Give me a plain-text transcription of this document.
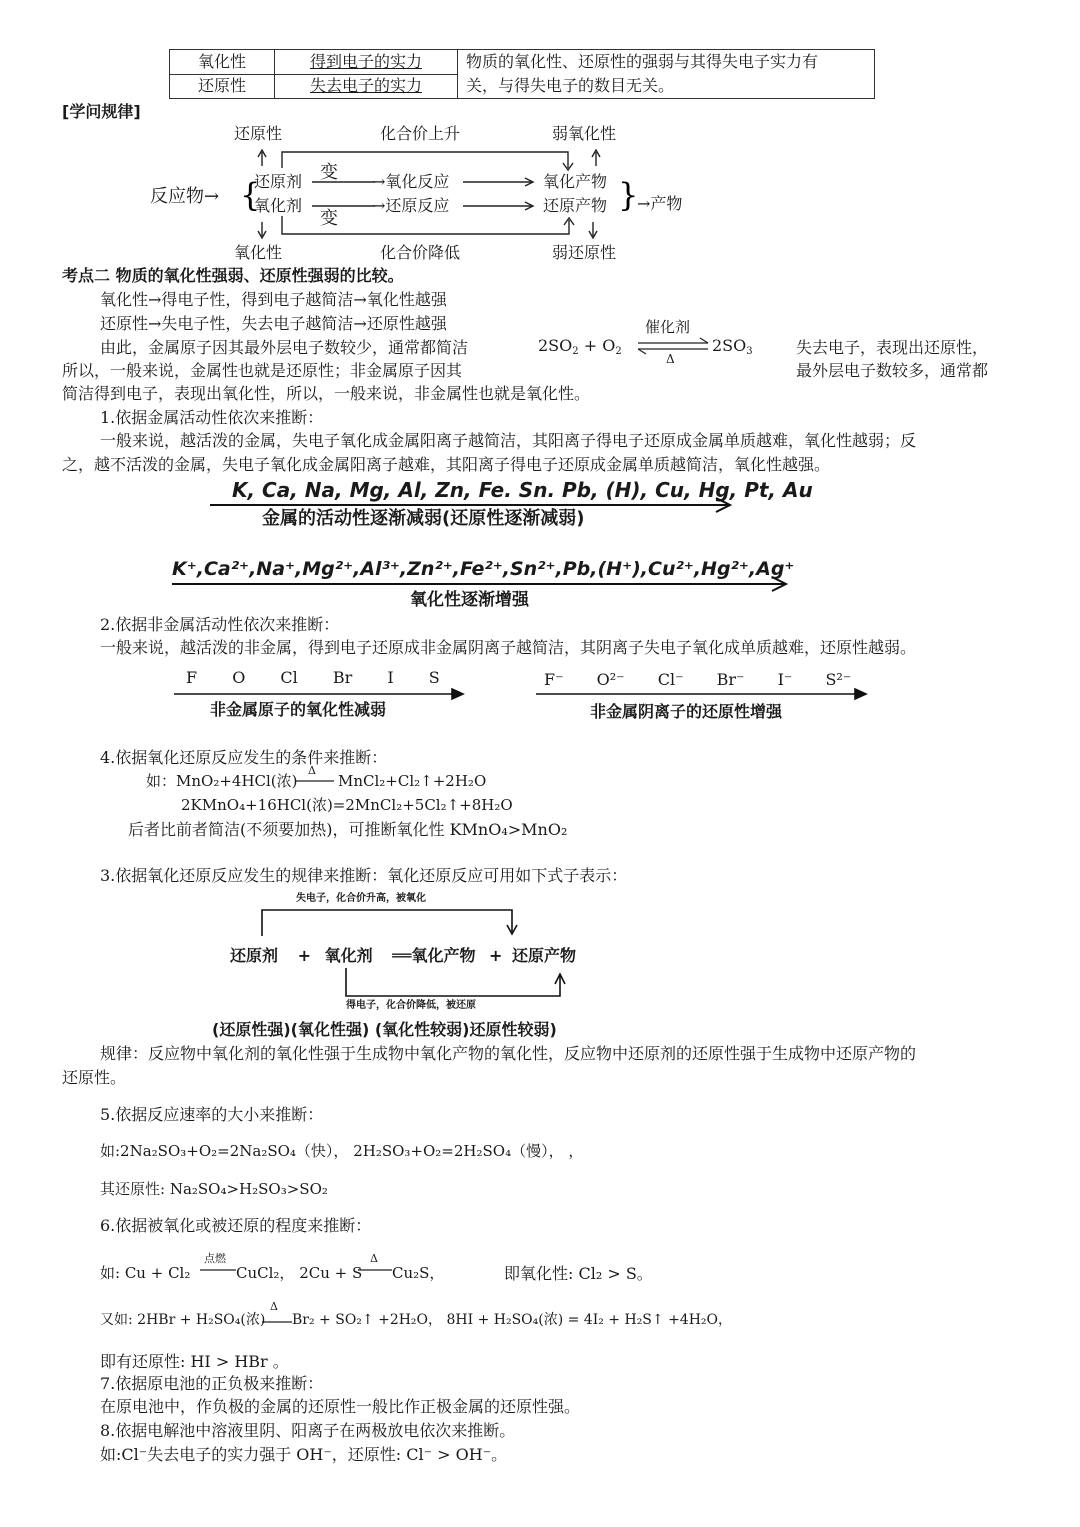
氧化性	得到电子的实力	物质的氧化性、还原性的强弱与其得失电子实力有
关，与得失电子的数目无关。

还原性	失去电子的实力	
[学问规律]
{	}
还原性	化合价上升	弱氧化性
反应物→
还原剂
氧化剂
变
变
→氧化反应
→还原反应
氧化产物
还原产物 →产物
氧化性	化合价降低	弱还原性
考点二 物质的氧化性强弱、还原性强弱的比较。
氧化性→得电子性，得到电子越简洁→氧化性越强
还原性→失电子性，失去电子越简洁→还原性越强
由此，金属原子因其最外层电子数较少，通常都简洁
所以，一般来说，金属性也就是还原性；非金属原子因其
简洁得到电子，表现出氧化性，所以，一般来说，非金属性也就是氧化性。
失去电子，表现出还原性，
最外层电子数较多，通常都
$2SO_2 + O_2$
催化剂
Δ
$2SO_3$
1.依据金属活动性依次来推断：
一般来说，越活泼的金属，失电子氧化成金属阳离子越简洁，其阳离子得电子还原成金属单质越难，氧化性越弱；反
之，越不活泼的金属，失电子氧化成金属阳离子越难，其阳离子得电子还原成金属单质越简洁，氧化性越强。
K, Ca, Na, Mg, Al, Zn, Fe. Sn. Pb, (H), Cu, Hg, Pt, Au
金属的活动性逐渐减弱(还原性逐渐减弱)
K⁺,Ca²⁺,Na⁺,Mg²⁺,Al³⁺,Zn²⁺,Fe²⁺,Sn²⁺,Pb,(H⁺),Cu²⁺,Hg²⁺,Ag⁺
氧化性逐渐增强
2.依据非金属活动性依次来推断：
一般来说，越活泼的非金属，得到电子还原成非金属阴离子越简洁，其阴离子失电子氧化成单质越难，还原性越弱。
F O Cl Br I S	F⁻ O²⁻ Cl⁻ Br⁻ I⁻ S²⁻
非金属原子的氧化性减弱	非金属阴离子的还原性增强
4.依据氧化还原反应发生的条件来推断：
如：MnO₂+4HCl(浓)
Δ
MnCl₂+Cl₂↑+2H₂O
2KMnO₄+16HCl(浓)=2MnCl₂+5Cl₂↑+8H₂O
后者比前者简洁(不须要加热)，可推断氧化性 KMnO₄>MnO₂
3.依据氧化还原反应发生的规律来推断：氧化还原反应可用如下式子表示：
失电子，化合价升高，被氧化
还原剂 + 氧化剂 ══氧化产物 + 还原产物
得电子，化合价降低，被还原
(还原性强)(氧化性强) (氧化性较弱)还原性较弱)
规律：反应物中氧化剂的氧化性强于生成物中氧化产物的氧化性，反应物中还原剂的还原性强于生成物中还原产物的
还原性。
5.依据反应速率的大小来推断：
如:2Na₂SO₃+O₂=2Na₂SO₄（快）， 2H₂SO₃+O₂=2H₂SO₄（慢）， ，
其还原性: Na₂SO₄>H₂SO₃>SO₂
6.依据被氧化或被还原的程度来推断：
如: Cu + Cl₂
点燃
CuCl₂， 2Cu + S
Δ
Cu₂S，	即氧化性: Cl₂ > S。
又如: 2HBr + H₂SO₄(浓)
Δ
Br₂ + SO₂↑ +2H₂O， 8HI + H₂SO₄(浓) = 4I₂ + H₂S↑ +4H₂O，
即有还原性: HI > HBr 。
7.依据原电池的正负极来推断：
在原电池中，作负极的金属的还原性一般比作正极金属的还原性强。
8.依据电解池中溶液里阴、阳离子在两极放电依次来推断。
如:Cl⁻失去电子的实力强于 OH⁻，还原性: Cl⁻ > OH⁻。
